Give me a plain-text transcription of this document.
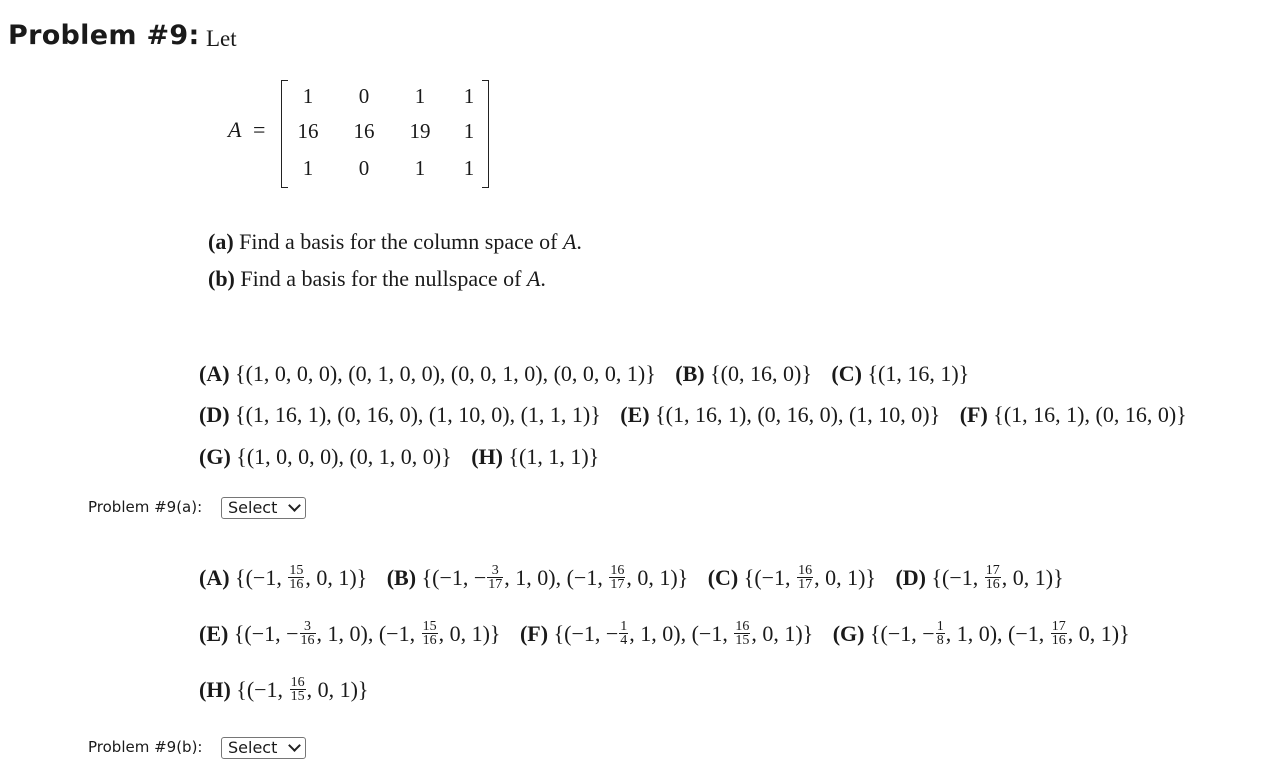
Problem #9: Let
A =
1	0	1	1
16	16	19	1
1	0	1	1
(a) Find a basis for the column space of A.
(b) Find a basis for the nullspace of A.
(A) {(1, 0, 0, 0), (0, 1, 0, 0), (0, 0, 1, 0), (0, 0, 0, 1)} (B) {(0, 16, 0)} (C) {(1, 16, 1)}
(D) {(1, 16, 1), (0, 16, 0), (1, 10, 0), (1, 1, 1)} (E) {(1, 16, 1), (0, 16, 0), (1, 10, 0)} (F) {(1, 16, 1), (0, 16, 0)}
(G) {(1, 0, 0, 0), (0, 1, 0, 0)} (H) {(1, 1, 1)}
Problem #9(a):	Select
(A) {(−1, $\frac{15}{16}$ , 0, 1)} (B) {(−1, − $\frac{3}{17}$ , 1, 0), (−1, $\frac{16}{17}$ , 0, 1)} (C) {(−1, $\frac{16}{17}$ , 0, 1)} (D) {(−1, $\frac{17}{16}$ , 0, 1)}
(E) {(−1, − $\frac{3}{16}$ , 1, 0), (−1, $\frac{15}{16}$ , 0, 1)} (F) {(−1, − $\frac{1}{4}$ , 1, 0), (−1, $\frac{16}{15}$ , 0, 1)} (G) {(−1, − $\frac{1}{8}$ , 1, 0), (−1, $\frac{17}{16}$ , 0, 1)}
(H) {(−1, $\frac{16}{15}$ , 0, 1)}
Problem #9(b):	Select
